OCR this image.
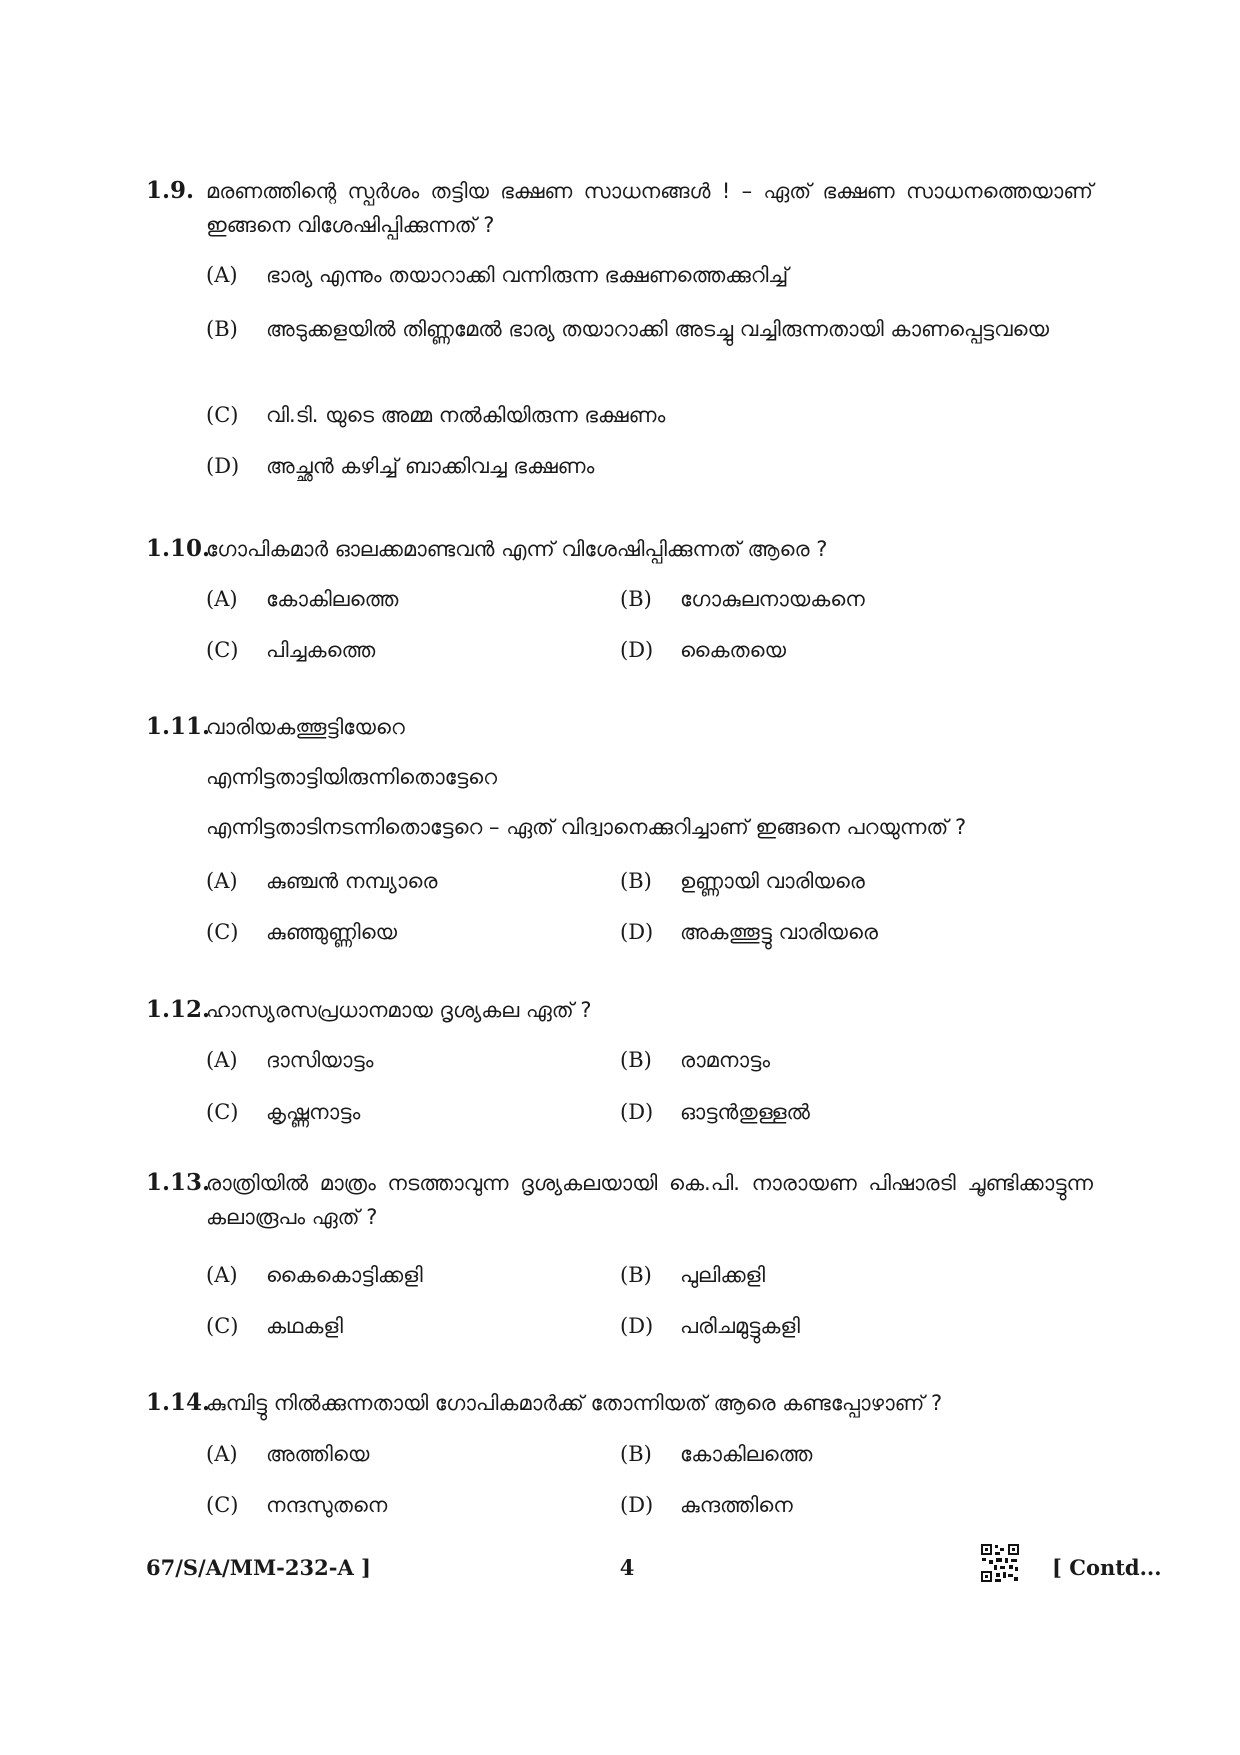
1.9. മരണത്തിന്റെ സ്പർശം തട്ടിയ ഭക്ഷണ സാധനങ്ങൾ ! – ഏത് ഭക്ഷണ സാധനത്തെയാണ് ഇങ്ങനെ വിശേഷിപ്പിക്കുന്നത് ?
(A)	ഭാര്യ എന്നും തയാറാക്കി വന്നിരുന്ന ഭക്ഷണത്തെക്കുറിച്ച്
(B)	അടുക്കളയിൽ തിണ്ണമേൽ ഭാര്യ തയാറാക്കി അടച്ചു വച്ചിരുന്നതായി കാണപ്പെട്ടവയെ
(C)	വി.ടി. യുടെ അമ്മ നൽകിയിരുന്ന ഭക്ഷണം
(D)	അച്ഛൻ കഴിച്ച് ബാക്കിവച്ച ഭക്ഷണം
1.10.
ഗോപികമാർ ഓലക്കമാണ്ടവൻ എന്ന് വിശേഷിപ്പിക്കുന്നത് ആരെ ?
(A) കോകിലത്തെ	(B) ഗോകുലനായകനെ
(C) പിച്ചകത്തെ	(D) കൈതയെ
1.11.
വാരിയകത്തൂട്ടിയേറെ
എന്നിട്ടതാട്ടിയിരുന്നിതൊട്ടേറെ
എന്നിട്ടതാടിനടന്നിതൊട്ടേറെ – ഏത് വിദ്വാനെക്കുറിച്ചാണ് ഇങ്ങനെ പറയുന്നത് ?
(A) കുഞ്ചൻ നമ്പ്യാരെ	(B) ഉണ്ണായി വാരിയരെ
(C) കുഞ്ഞുണ്ണിയെ	(D) അകത്തൂട്ടു വാരിയരെ
1.12.
ഹാസ്യരസപ്രധാനമായ ദൃശ്യകല ഏത് ?
(A) ദാസിയാട്ടം	(B) രാമനാട്ടം
(C) കൃഷ്ണനാട്ടം	(D) ഓട്ടൻതുള്ളൽ
1.13.
രാത്രിയിൽ മാത്രം നടത്താവുന്ന ദൃശ്യകലയായി കെ.പി. നാരായണ പിഷാരടി ചൂണ്ടിക്കാട്ടുന്ന കലാരൂപം ഏത് ?
(A) കൈകൊട്ടിക്കളി	(B) പുലിക്കളി
(C) കഥകളി	(D) പരിചമുട്ടുകളി
1.14.
കുമ്പിട്ടു നിൽക്കുന്നതായി ഗോപികമാർക്ക് തോന്നിയത് ആരെ കണ്ടപ്പോഴാണ് ?
(A) അത്തിയെ	(B) കോകിലത്തെ
(C) നന്ദസുതനെ	(D) കുന്ദത്തിനെ
67/S/A/MM-232-A ]	4	[ Contd...
